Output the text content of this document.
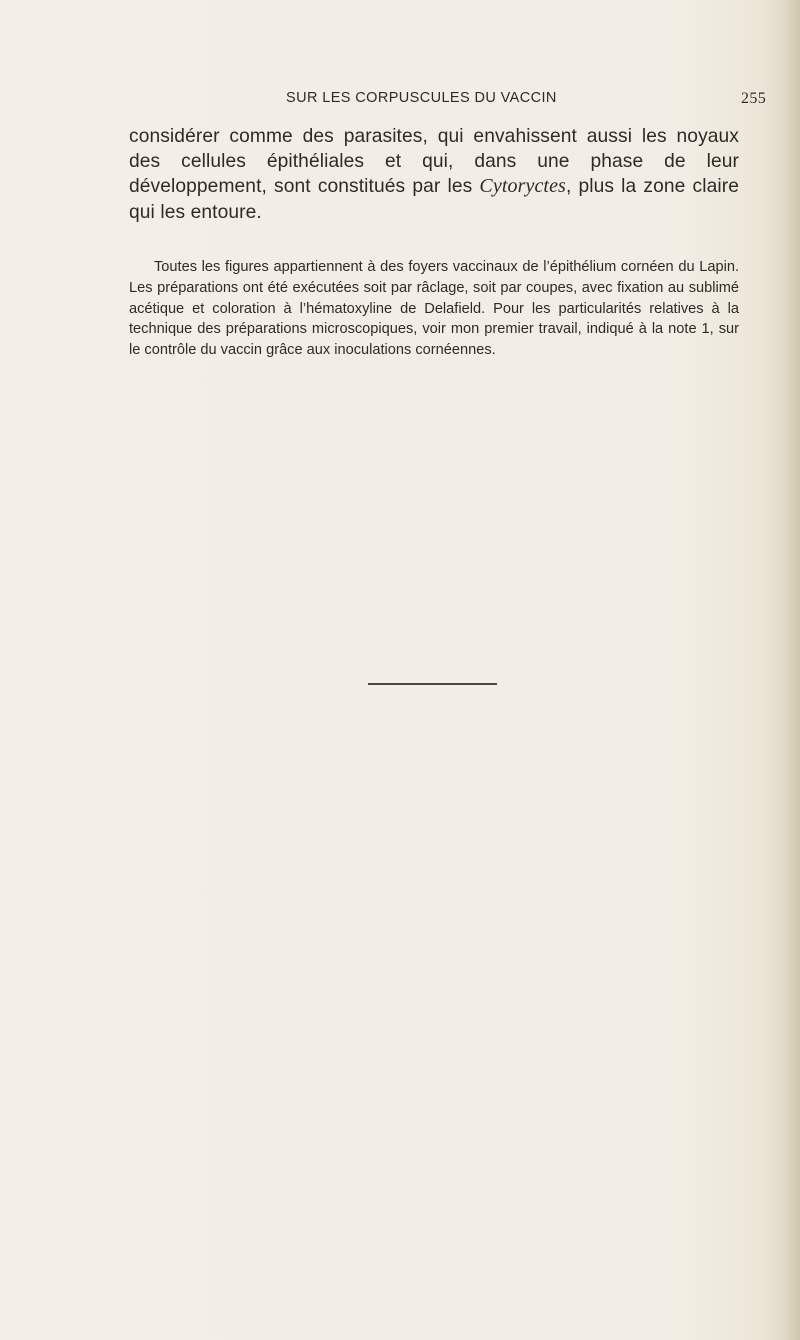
SUR LES CORPUSCULES DU VACCIN	255
considérer comme des parasites, qui envahissent aussi les noyaux des cellules épithéliales et qui, dans une phase de leur développement, sont constitués par les Cytoryctes, plus la zone claire qui les entoure.
Toutes les figures appartiennent à des foyers vaccinaux de l’épithélium cornéen du Lapin. Les préparations ont été exécutées soit par râclage, soit par coupes, avec fixation au sublimé acétique et coloration à l’hématoxyline de Delafield. Pour les particularités relatives à la technique des préparations microscopiques, voir mon premier travail, indiqué à la note 1, sur le contrôle du vaccin grâce aux inoculations cornéennes.
